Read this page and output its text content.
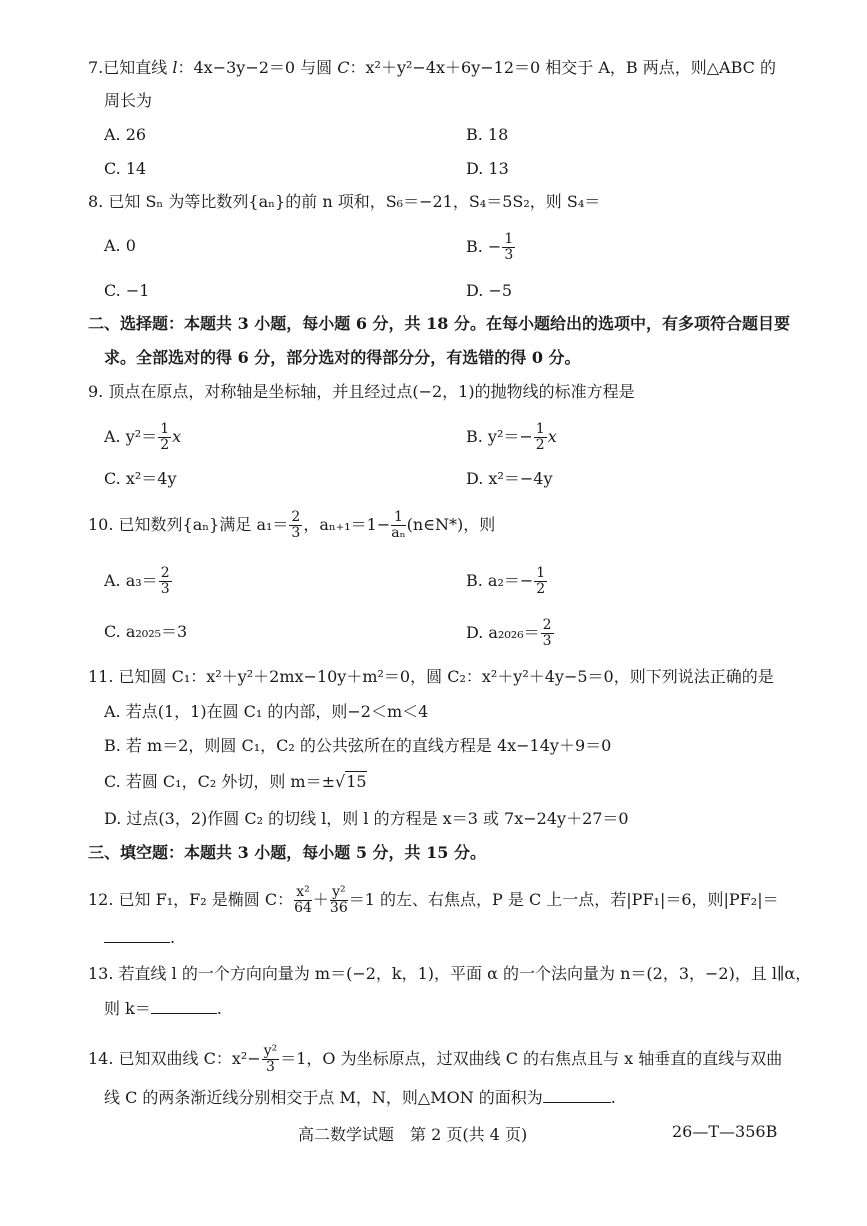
7.已知直线 l：4x−3y−2＝0 与圆 C：x²＋y²−4x＋6y−12＝0 相交于 A，B 两点，则△ABC 的
周长为
A. 26	B. 18
C. 14	D. 13
8. 已知 Sₙ 为等比数列{aₙ}的前 n 项和，S₆＝−21，S₄＝5S₂，则 S₄＝
A. 0	B. − $\frac{1}{3}$
C. −1	D. −5
二、选择题：本题共 3 小题，每小题 6 分，共 18 分。在每小题给出的选项中，有多项符合题目要
求。全部选对的得 6 分，部分选对的得部分分，有选错的得 0 分。
9. 顶点在原点，对称轴是坐标轴，并且经过点(−2，1)的抛物线的标准方程是
A. $y^2= \frac{1}{2}$ x	B. $y^2=- \frac{1}{2}$ x
C. x²＝4y	D. x²＝−4y
10. 已知数列{aₙ}满足 $a_1= \frac{2}{3}$ ，$a_{n+1}=1- \frac{1}{\text{aₙ}}$ (n∈N*)，则
A. $a_3= \frac{2}{3}$	B. $a_2=- \frac{1}{2}$
C. a₂₀₂₅＝3	D. $a_{2026}= \frac{2}{3}$
11. 已知圆 C₁：x²＋y²＋2mx−10y＋m²＝0，圆 C₂：x²＋y²＋4y−5＝0，则下列说法正确的是
A. 若点(1，1)在圆 C₁ 的内部，则−2＜m＜4
B. 若 m＝2，则圆 C₁，C₂ 的公共弦所在的直线方程是 4x−14y＋9＝0
C. 若圆 C₁，C₂ 外切，则 m＝±√15
D. 过点(3，2)作圆 C₂ 的切线 l，则 l 的方程是 x＝3 或 7x−24y＋27＝0
三、填空题：本题共 3 小题，每小题 5 分，共 15 分。
12. 已知 F₁，F₂ 是椭圆 C： $\frac{\text{x²}}{64} + \frac{\text{y²}}{36} =1$ 的左、右焦点，P 是 C 上一点，若|PF₁|＝6，则|PF₂|＝
.
13. 若直线 l 的一个方向向量为 m＝(−2，k，1)，平面 α 的一个法向量为 n＝(2，3，−2)，且 l∥α，
则 k＝	.
14. 已知双曲线 C：$x^2- \frac{\text{y²}}{3} =1$，O 为坐标原点，过双曲线 C 的右焦点且与 x 轴垂直的直线与双曲
线 C 的两条渐近线分别相交于点 M，N，则△MON 的面积为	.
高二数学试题　第 2 页(共 4 页)	26—T—356B
